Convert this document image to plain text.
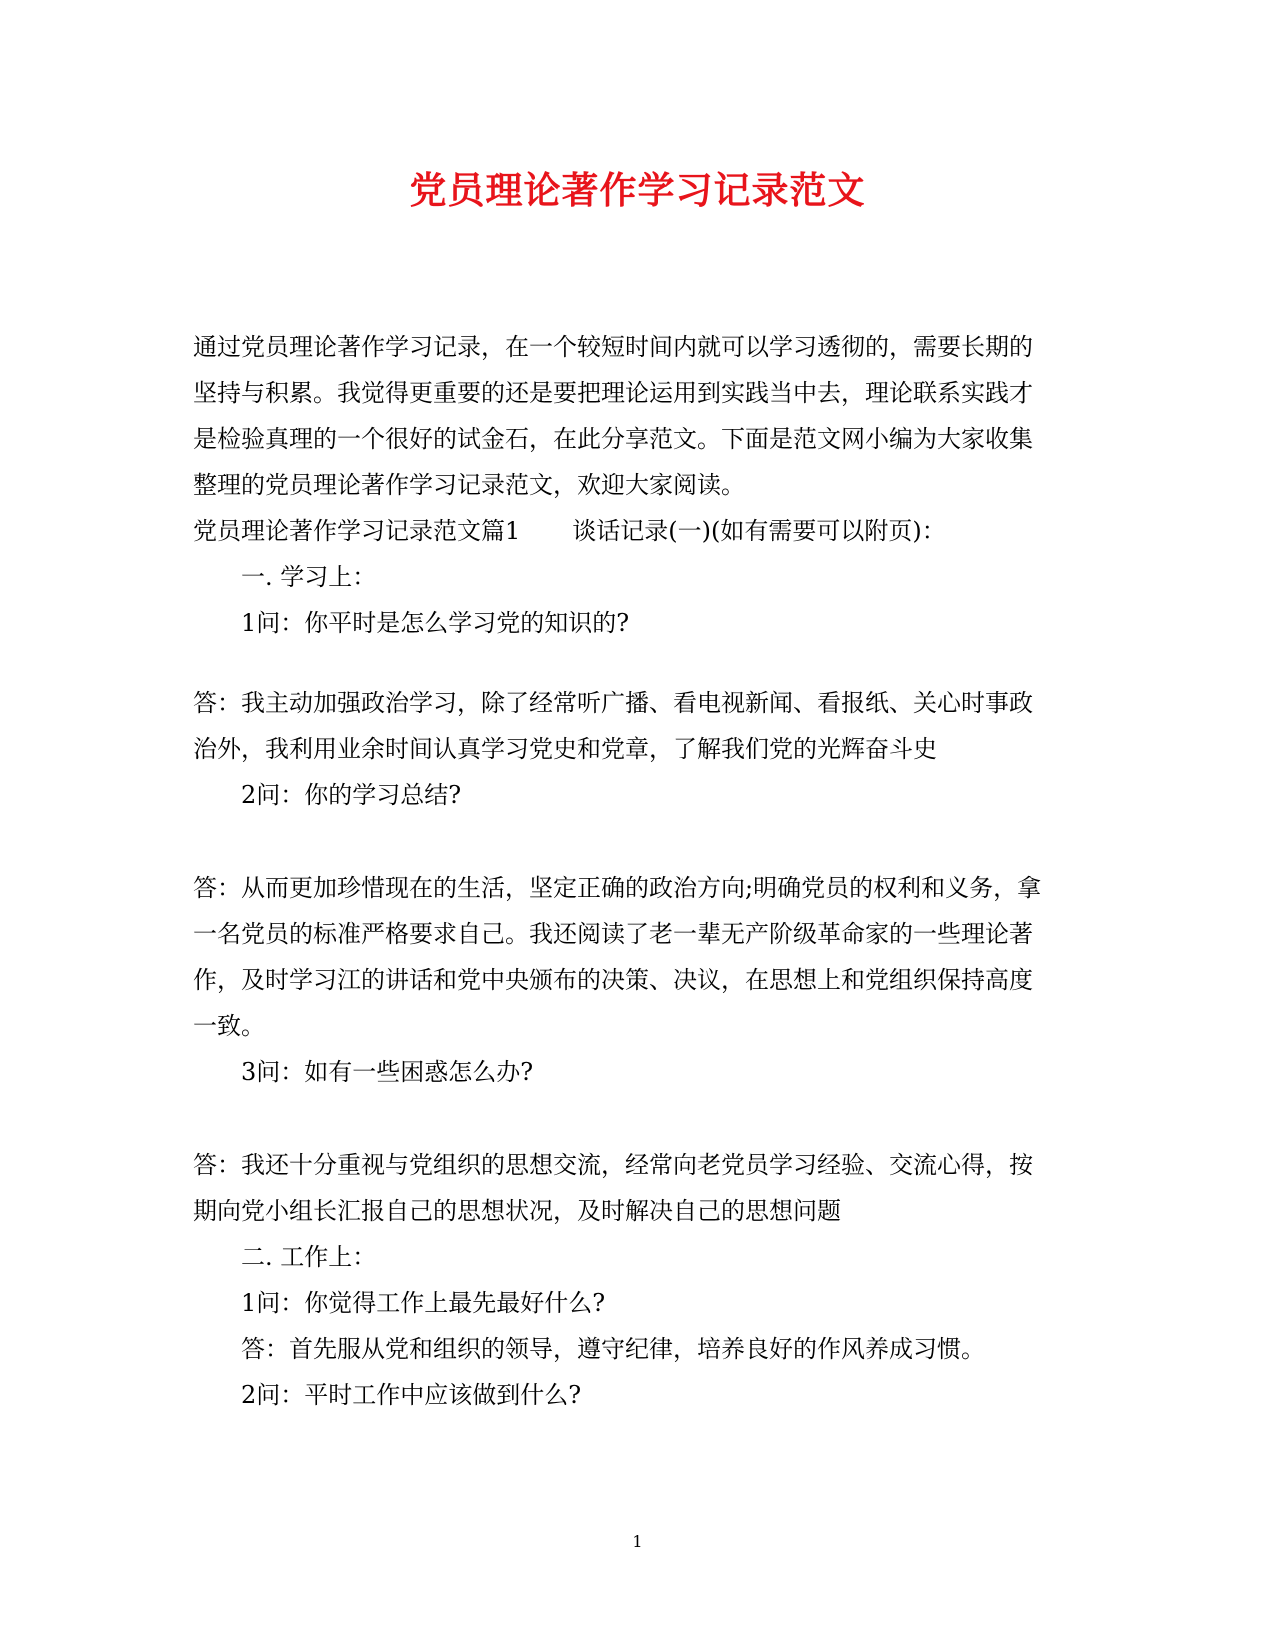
党员理论著作学习记录范文
通过党员理论著作学习记录，在一个较短时间内就可以学习透彻的，需要长期的
坚持与积累。我觉得更重要的还是要把理论运用到实践当中去，理论联系实践才
是检验真理的一个很好的试金石，在此分享范文。下面是范文网小编为大家收集
整理的党员理论著作学习记录范文，欢迎大家阅读。
党员理论著作学习记录范文篇1 谈话记录(一)(如有需要可以附页)：
一. 学习上：
1问：你平时是怎么学习党的知识的?
答：我主动加强政治学习，除了经常听广播、看电视新闻、看报纸、关心时事政
治外，我利用业余时间认真学习党史和党章，了解我们党的光辉奋斗史
2问：你的学习总结?
答：从而更加珍惜现在的生活，坚定正确的政治方向;明确党员的权利和义务，拿
一名党员的标准严格要求自己。我还阅读了老一辈无产阶级革命家的一些理论著
作，及时学习江的讲话和党中央颁布的决策、决议，在思想上和党组织保持高度
一致。
3问：如有一些困惑怎么办?
答：我还十分重视与党组织的思想交流，经常向老党员学习经验、交流心得，按
期向党小组长汇报自己的思想状况，及时解决自己的思想问题
二. 工作上：
1问：你觉得工作上最先最好什么?
答：首先服从党和组织的领导，遵守纪律，培养良好的作风养成习惯。
2问：平时工作中应该做到什么?
1
